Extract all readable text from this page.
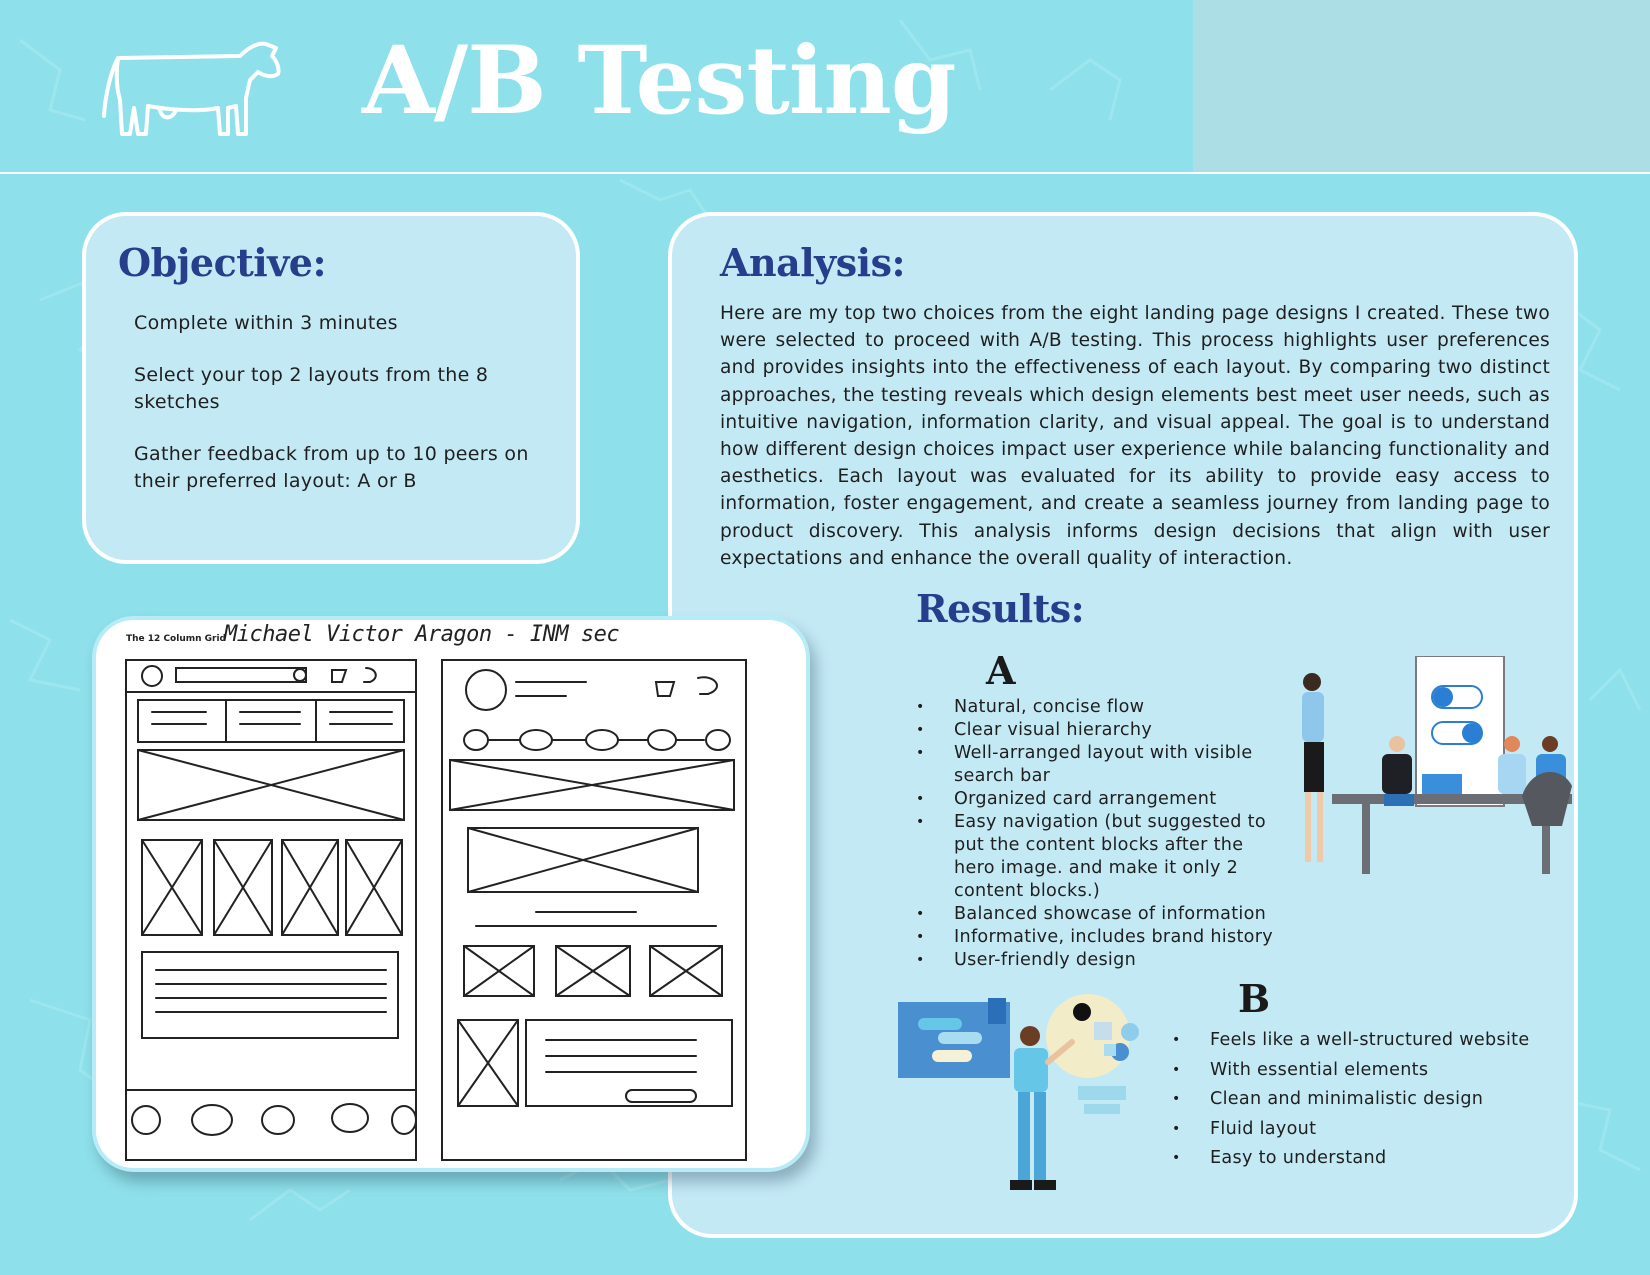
A/B Testing
Objective:
Complete within 3 minutes
Select your top 2 layouts from the 8 sketches
Gather feedback from up to 10 peers on their preferred layout: A or B
Analysis:

Here are my top two choices from the eight landing page designs I created. These two were selected to proceed with A/B testing. This process highlights user preferences and provides insights into the effectiveness of each layout. By comparing two distinct approaches, the testing reveals which design elements best meet user needs, such as intuitive navigation, information clarity, and visual appeal. The goal is to understand how different design choices impact user experience while balancing functionality and aesthetics. Each layout was evaluated for its ability to provide easy access to information, foster engagement, and create a seamless journey from landing page to product discovery. This analysis informs design decisions that align with user expectations and enhance the overall quality of interaction.

Results:
A
• Natural, concise flow
• Clear visual hierarchy
• Well-arranged layout with visible search bar
• Organized card arrangement
• Easy navigation (but suggested to put the content blocks after the hero image. and make it only 2 content blocks.)
• Balanced showcase of information
• Informative, includes brand history
• User-friendly design
B
• Feels like a well-structured website
• With essential elements
• Clean and minimalistic design
• Fluid layout
• Easy to understand
The 12 Column Grid
Michael Victor Aragon - INM sec
